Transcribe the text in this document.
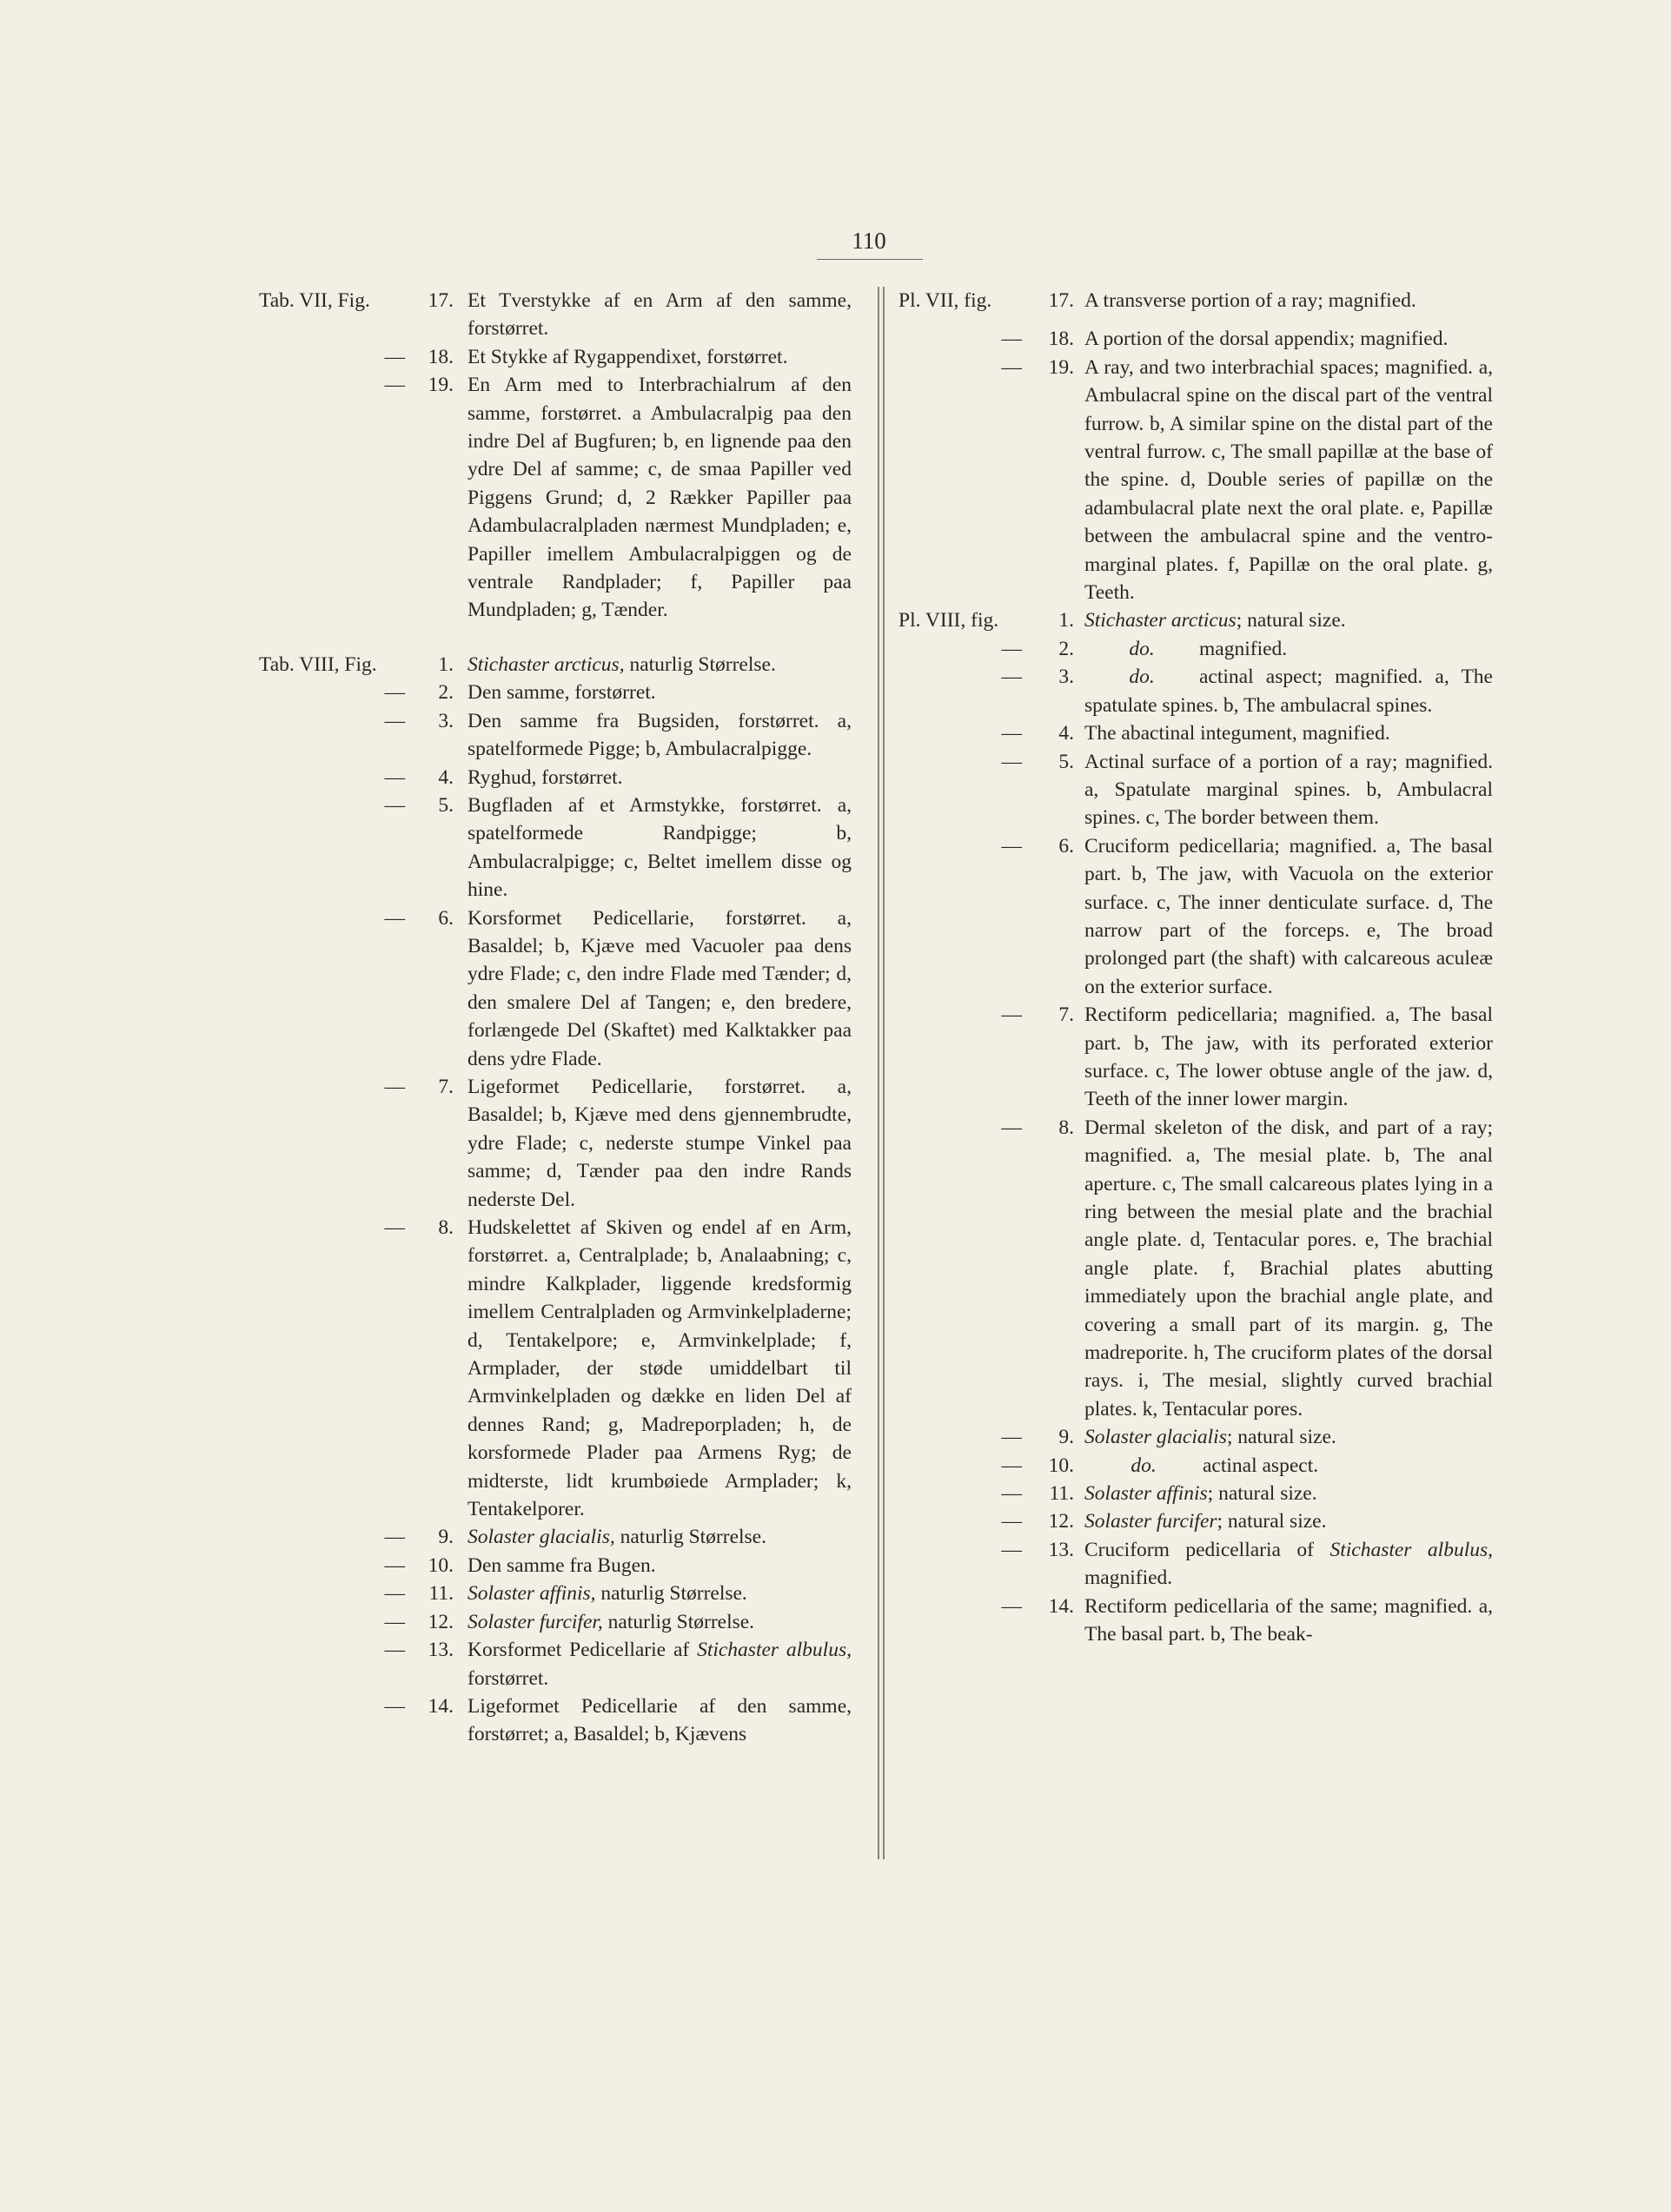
110
Tab. VII, Fig.	17. Et Tverstykke af en Arm af den samme, forstørret.
—	18. Et Stykke af Rygappendixet, forstørret.
—	19. En Arm med to Interbrachialrum af den samme, forstørret. a Ambulacralpig paa den indre Del af Bugfuren; b, en lignende paa den ydre Del af samme; c, de smaa Papiller ved Piggens Grund; d, 2 Rækker Papiller paa Adambulacralpladen nærmest Mundpladen; e, Papiller imellem Ambulacralpiggen og de ventrale Randplader; f, Papiller paa Mundpladen; g, Tænder.
Tab. VIII, Fig.	1. Stichaster arcticus, naturlig Størrelse.
—	2. Den samme, forstørret.
—	3. Den samme fra Bugsiden, forstørret. a, spatelformede Pigge; b, Ambulacralpigge.
—	4. Ryghud, forstørret.
—	5. Bugfladen af et Armstykke, forstørret. a, spatelformede Randpigge; b, Ambulacralpigge; c, Beltet imellem disse og hine.
—	6. Korsformet Pedicellarie, forstørret. a, Basaldel; b, Kjæve med Vacuoler paa dens ydre Flade; c, den indre Flade med Tænder; d, den smalere Del af Tangen; e, den bredere, forlængede Del (Skaftet) med Kalktakker paa dens ydre Flade.
—	7. Ligeformet Pedicellarie, forstørret. a, Basaldel; b, Kjæve med dens gjennembrudte, ydre Flade; c, nederste stumpe Vinkel paa samme; d, Tænder paa den indre Rands nederste Del.
—	8. Hudskelettet af Skiven og endel af en Arm, forstørret. a, Centralplade; b, Analaabning; c, mindre Kalkplader, liggende kredsformig imellem Centralpladen og Armvinkelpladerne; d, Tentakelpore; e, Armvinkelplade; f, Armplader, der støde umiddelbart til Armvinkelpladen og dække en liden Del af dennes Rand; g, Madreporpladen; h, de korsformede Plader paa Armens Ryg; de midterste, lidt krumbøiede Armplader; k, Tentakelporer.
—	9. Solaster glacialis, naturlig Størrelse.
—	10. Den samme fra Bugen.
—	11. Solaster affinis, naturlig Størrelse.
—	12. Solaster furcifer, naturlig Størrelse.
—	13. Korsformet Pedicellarie af Stichaster albulus, forstørret.
—	14. Ligeformet Pedicellarie af den samme, forstørret; a, Basaldel; b, Kjævens
Pl. VII, fig.	17. A transverse portion of a ray; magnified.
—	18. A portion of the dorsal appendix; magnified.
—	19. A ray, and two interbrachial spaces; magnified. a, Ambulacral spine on the discal part of the ventral furrow. b, A similar spine on the distal part of the ventral furrow. c, The small papillæ at the base of the spine. d, Double series of papillæ on the adambulacral plate next the oral plate. e, Papillæ between the ambulacral spine and the ventro-marginal plates. f, Papillæ on the oral plate. g, Teeth.
Pl. VIII, fig.	1. Stichaster arcticus; natural size.
—	2.	do. magnified.
—	3.	do. actinal aspect; magnified. a, The spatulate spines. b, The ambulacral spines.
—	4. The abactinal integument, magnified.
—	5. Actinal surface of a portion of a ray; magnified. a, Spatulate marginal spines. b, Ambulacral spines. c, The border between them.
—	6. Cruciform pedicellaria; magnified. a, The basal part. b, The jaw, with Vacuola on the exterior surface. c, The inner denticulate surface. d, The narrow part of the forceps. e, The broad prolonged part (the shaft) with calcareous aculeæ on the exterior surface.
—	7. Rectiform pedicellaria; magnified. a, The basal part. b, The jaw, with its perforated exterior surface. c, The lower obtuse angle of the jaw. d, Teeth of the inner lower margin.
—	8. Dermal skeleton of the disk, and part of a ray; magnified. a, The mesial plate. b, The anal aperture. c, The small calcareous plates lying in a ring between the mesial plate and the brachial angle plate. d, Tentacular pores. e, The brachial angle plate. f, Brachial plates abutting immediately upon the brachial angle plate, and covering a small part of its margin. g, The madreporite. h, The cruciform plates of the dorsal rays. i, The mesial, slightly curved brachial plates. k, Tentacular pores.
—	9. Solaster glacialis; natural size.
—	10.	do. actinal aspect.
—	11. Solaster affinis; natural size.
—	12. Solaster furcifer; natural size.
—	13. Cruciform pedicellaria of Stichaster albulus, magnified.
—	14. Rectiform pedicellaria of the same; magnified. a, The basal part. b, The beak-
